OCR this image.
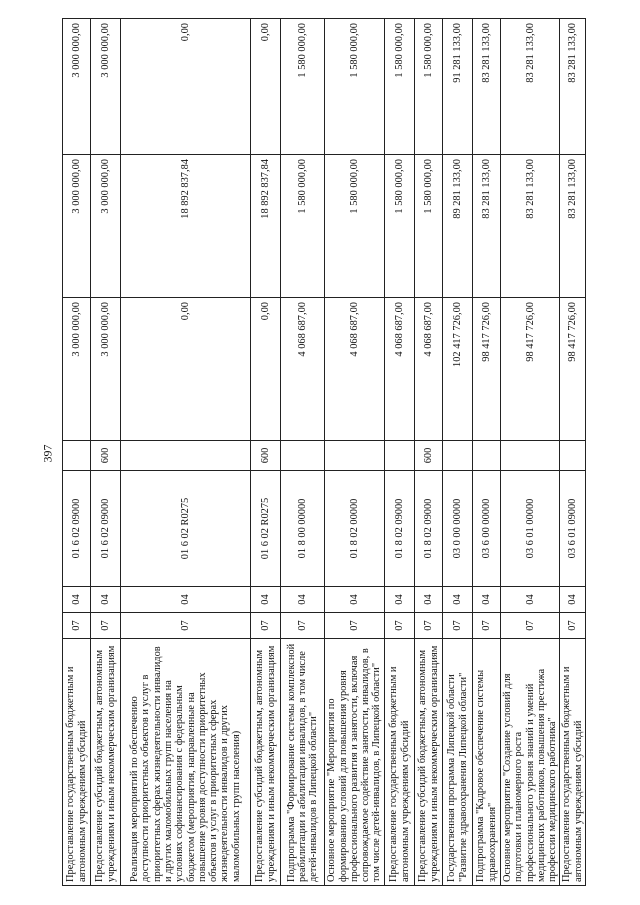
397
Предоставление государственным бюджетным и автономным учреждениям субсидий	07	04	01 6 02 09000		3 000 000,00	3 000 000,00	3 000 000,00
Предоставление субсидий бюджетным, автономным учреждениям и иным некоммерческим организациям	07	04	01 6 02 09000	600	3 000 000,00	3 000 000,00	3 000 000,00
Реализация мероприятий по обеспечению доступности приоритетных объектов и услуг в приоритетных сферах жизнедеятельности инвалидов и других маломобильных групп населения на условиях софинансирования с федеральным бюджетом (мероприятия, направленные на повышение уровня доступности приоритетных объектов и услуг в приоритетных сферах жизнедеятельности инвалидов и других маломобильных групп населения)	07	04	01 6 02 R0275		0,00	18 892 837,84	0,00
Предоставление субсидий бюджетным, автономным учреждениям и иным некоммерческим организациям	07	04	01 6 02 R0275	600	0,00	18 892 837,84	0,00
Подпрограмма "Формирование системы комплексной реабилитации и абилитации инвалидов, в том числе детей-инвалидов в Липецкой области"	07	04	01 8 00 00000		4 068 687,00	1 580 000,00	1 580 000,00
Основное мероприятие "Мероприятия по формированию условий для повышения уровня профессионального развития и занятости, включая сопровождаемое содействие занятости, инвалидов, в том числе детей-инвалидов, в Липецкой области"	07	04	01 8 02 00000		4 068 687,00	1 580 000,00	1 580 000,00
Предоставление государственным бюджетным и автономным учреждениям субсидий	07	04	01 8 02 09000		4 068 687,00	1 580 000,00	1 580 000,00
Предоставление субсидий бюджетным, автономным учреждениям и иным некоммерческим организациям	07	04	01 8 02 09000	600	4 068 687,00	1 580 000,00	1 580 000,00
Государственная программа Липецкой области "Развитие здравоохранения Липецкой области"	07	04	03 0 00 00000		102 417 726,00	89 281 133,00	91 281 133,00
Подпрограмма "Кадровое обеспечение системы здравоохранения"	07	04	03 6 00 00000		98 417 726,00	83 281 133,00	83 281 133,00
Основное мероприятие "Создание условий для подготовки и планомерного роста профессионального уровня знаний и умений медицинских работников, повышения престижа профессии медицинского работника"	07	04	03 6 01 00000		98 417 726,00	83 281 133,00	83 281 133,00
Предоставление государственным бюджетным и автономным учреждениям субсидий	07	04	03 6 01 09000		98 417 726,00	83 281 133,00	83 281 133,00
